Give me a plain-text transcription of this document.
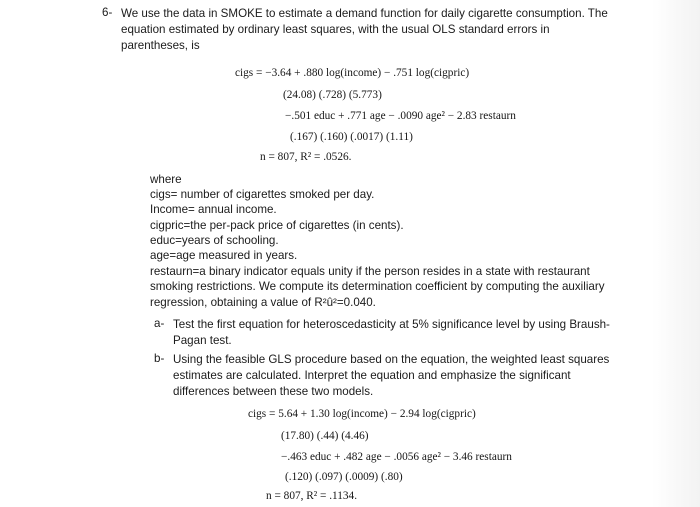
6- We use the data in SMOKE to estimate a demand function for daily cigarette consumption. The
equation estimated by ordinary least squares, with the usual OLS standard errors in
parentheses, is
cigs = −3.64 + .880 log(income) − .751 log(cigpric)
(24.08) (.728) (5.773)
−.501 educ + .771 age − .0090 age² − 2.83 restaurn
(.167) (.160) (.0017) (1.11)
n = 807, R² = .0526.
where
cigs= number of cigarettes smoked per day.
Income= annual income.
cigpric=the per-pack price of cigarettes (in cents).
educ=years of schooling.
age=age measured in years.
restaurn=a binary indicator equals unity if the person resides in a state with restaurant
smoking restrictions. We compute its determination coefficient by computing the auxiliary
regression, obtaining a value of R²û²=0.040.
a- Test the first equation for heteroscedasticity at 5% significance level by using Braush-
Pagan test.
b- Using the feasible GLS procedure based on the equation, the weighted least squares
estimates are calculated. Interpret the equation and emphasize the significant
differences between these two models.
cigs = 5.64 + 1.30 log(income) − 2.94 log(cigpric)
(17.80) (.44) (4.46)
−.463 educ + .482 age − .0056 age² − 3.46 restaurn
(.120) (.097) (.0009) (.80)
n = 807, R² = .1134.
